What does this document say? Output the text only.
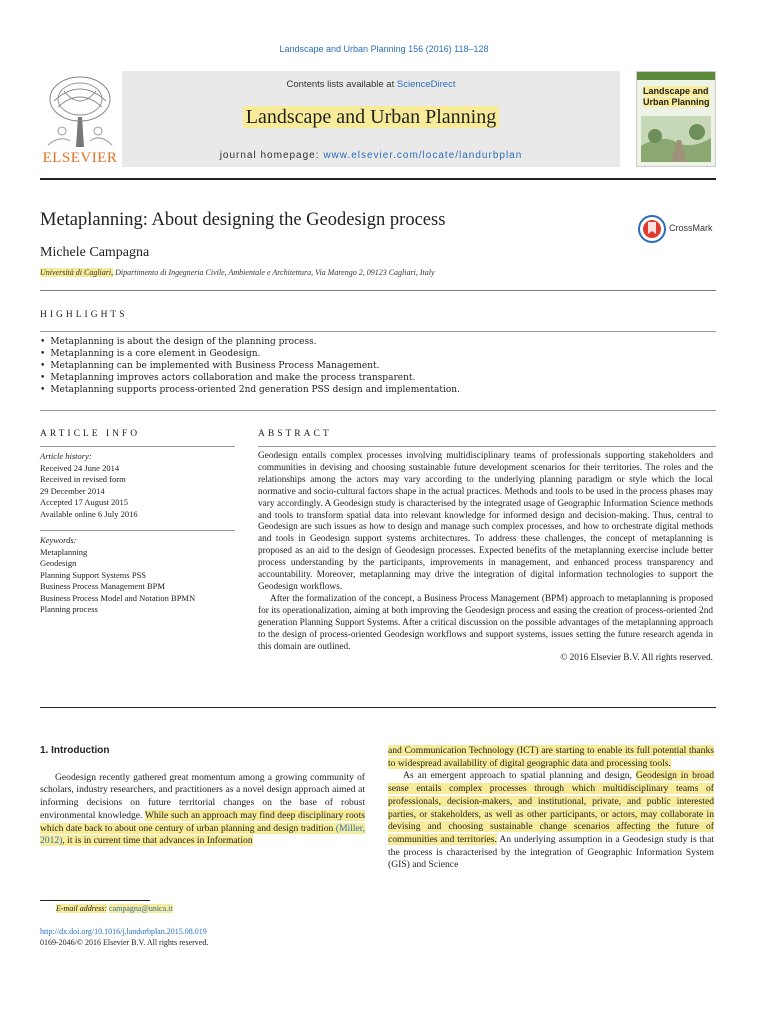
Landscape and Urban Planning 156 (2016) 118–128
ELSEVIER
Contents lists available at ScienceDirect
Landscape and Urban Planning
journal homepage: www.elsevier.com/locate/landurbplan
Landscape and
Urban Planning
Metaplanning: About designing the Geodesign process	CrossMark
Michele Campagna
Università di Cagliari, Dipartimento di Ingegneria Civile, Ambientale e Architettura, Via Marengo 2, 09123 Cagliari, Italy
HIGHLIGHTS
• Metaplanning is about the design of the planning process.
• Metaplanning is a core element in Geodesign.
• Metaplanning can be implemented with Business Process Management.
• Metaplanning improves actors collaboration and make the process transparent.
• Metaplanning supports process-oriented 2nd generation PSS design and implementation.
ARTICLE INFO
Article history:
Received 24 June 2014
Received in revised form
29 December 2014
Accepted 17 August 2015
Available online 6 July 2016
Keywords:
Metaplanning
Geodesign
Planning Support Systems PSS
Business Process Management BPM
Business Process Model and Notation BPMN
Planning process
ABSTRACT

Geodesign entails complex processes involving multidisciplinary teams of professionals supporting stakeholders and communities in devising and choosing sustainable future development scenarios for their territories. The roles and the relationships among the actors may vary according to the underlying planning paradigm or style which the local normative and socio-cultural factors shape in the actual practices. Methods and tools to be used in the process phases may vary accordingly. A Geodesign study is characterised by the integrated usage of Geographic Information Science methods and tools to transform spatial data into relevant knowledge for informed design and decision-making. Thus, central to Geodesign are such issues as how to design and manage such complex processes, and how to orchestrate digital methods and tools in Geodesign support systems architectures. To address these challenges, the concept of metaplanning is proposed as an aid to the design of Geodesign processes. Expected benefits of the metaplanning exercise include better process understanding by the participants, improvements in management, and enhanced process transparency and accountability. Moreover, metaplanning may drive the integration of digital information technologies to support the Geodesign workflows.

After the formalization of the concept, a Business Process Management (BPM) approach to metaplanning is proposed for its operationalization, aiming at both improving the Geodesign process and easing the creation of process-oriented 2nd generation Planning Support Systems. After a critical discussion on the possible advantages of the metaplanning approach to the design of process-oriented Geodesign workflows and support systems, issues setting the future research agenda in this domain are outlined.

© 2016 Elsevier B.V. All rights reserved.
1. Introduction

Geodesign recently gathered great momentum among a growing community of scholars, industry researchers, and practitioners as a novel design approach aimed at informing decisions on future territorial changes on the base of robust environmental knowledge. While such an approach may find deep disciplinary roots which date back to about one century of urban planning and design tradition (Miller, 2012), it is in current time that advances in Information

and Communication Technology (ICT) are starting to enable its full potential thanks to widespread availability of digital geographic data and processing tools.

As an emergent approach to spatial planning and design, Geodesign in broad sense entails complex processes through which multidisciplinary teams of professionals, decision-makers, and institutional, private, and public interested parties, or stakeholders, as well as other participants, or actors, may collaborate in devising and choosing sustainable change scenarios affecting the future of communities and territories. An underlying assumption in a Geodesign study is that the process is characterised by the integration of Geographic Information System (GIS) and Science

E-mail address: campagna@unica.it
http://dx.doi.org/10.1016/j.landurbplan.2015.08.019
0169-2046/© 2016 Elsevier B.V. All rights reserved.
